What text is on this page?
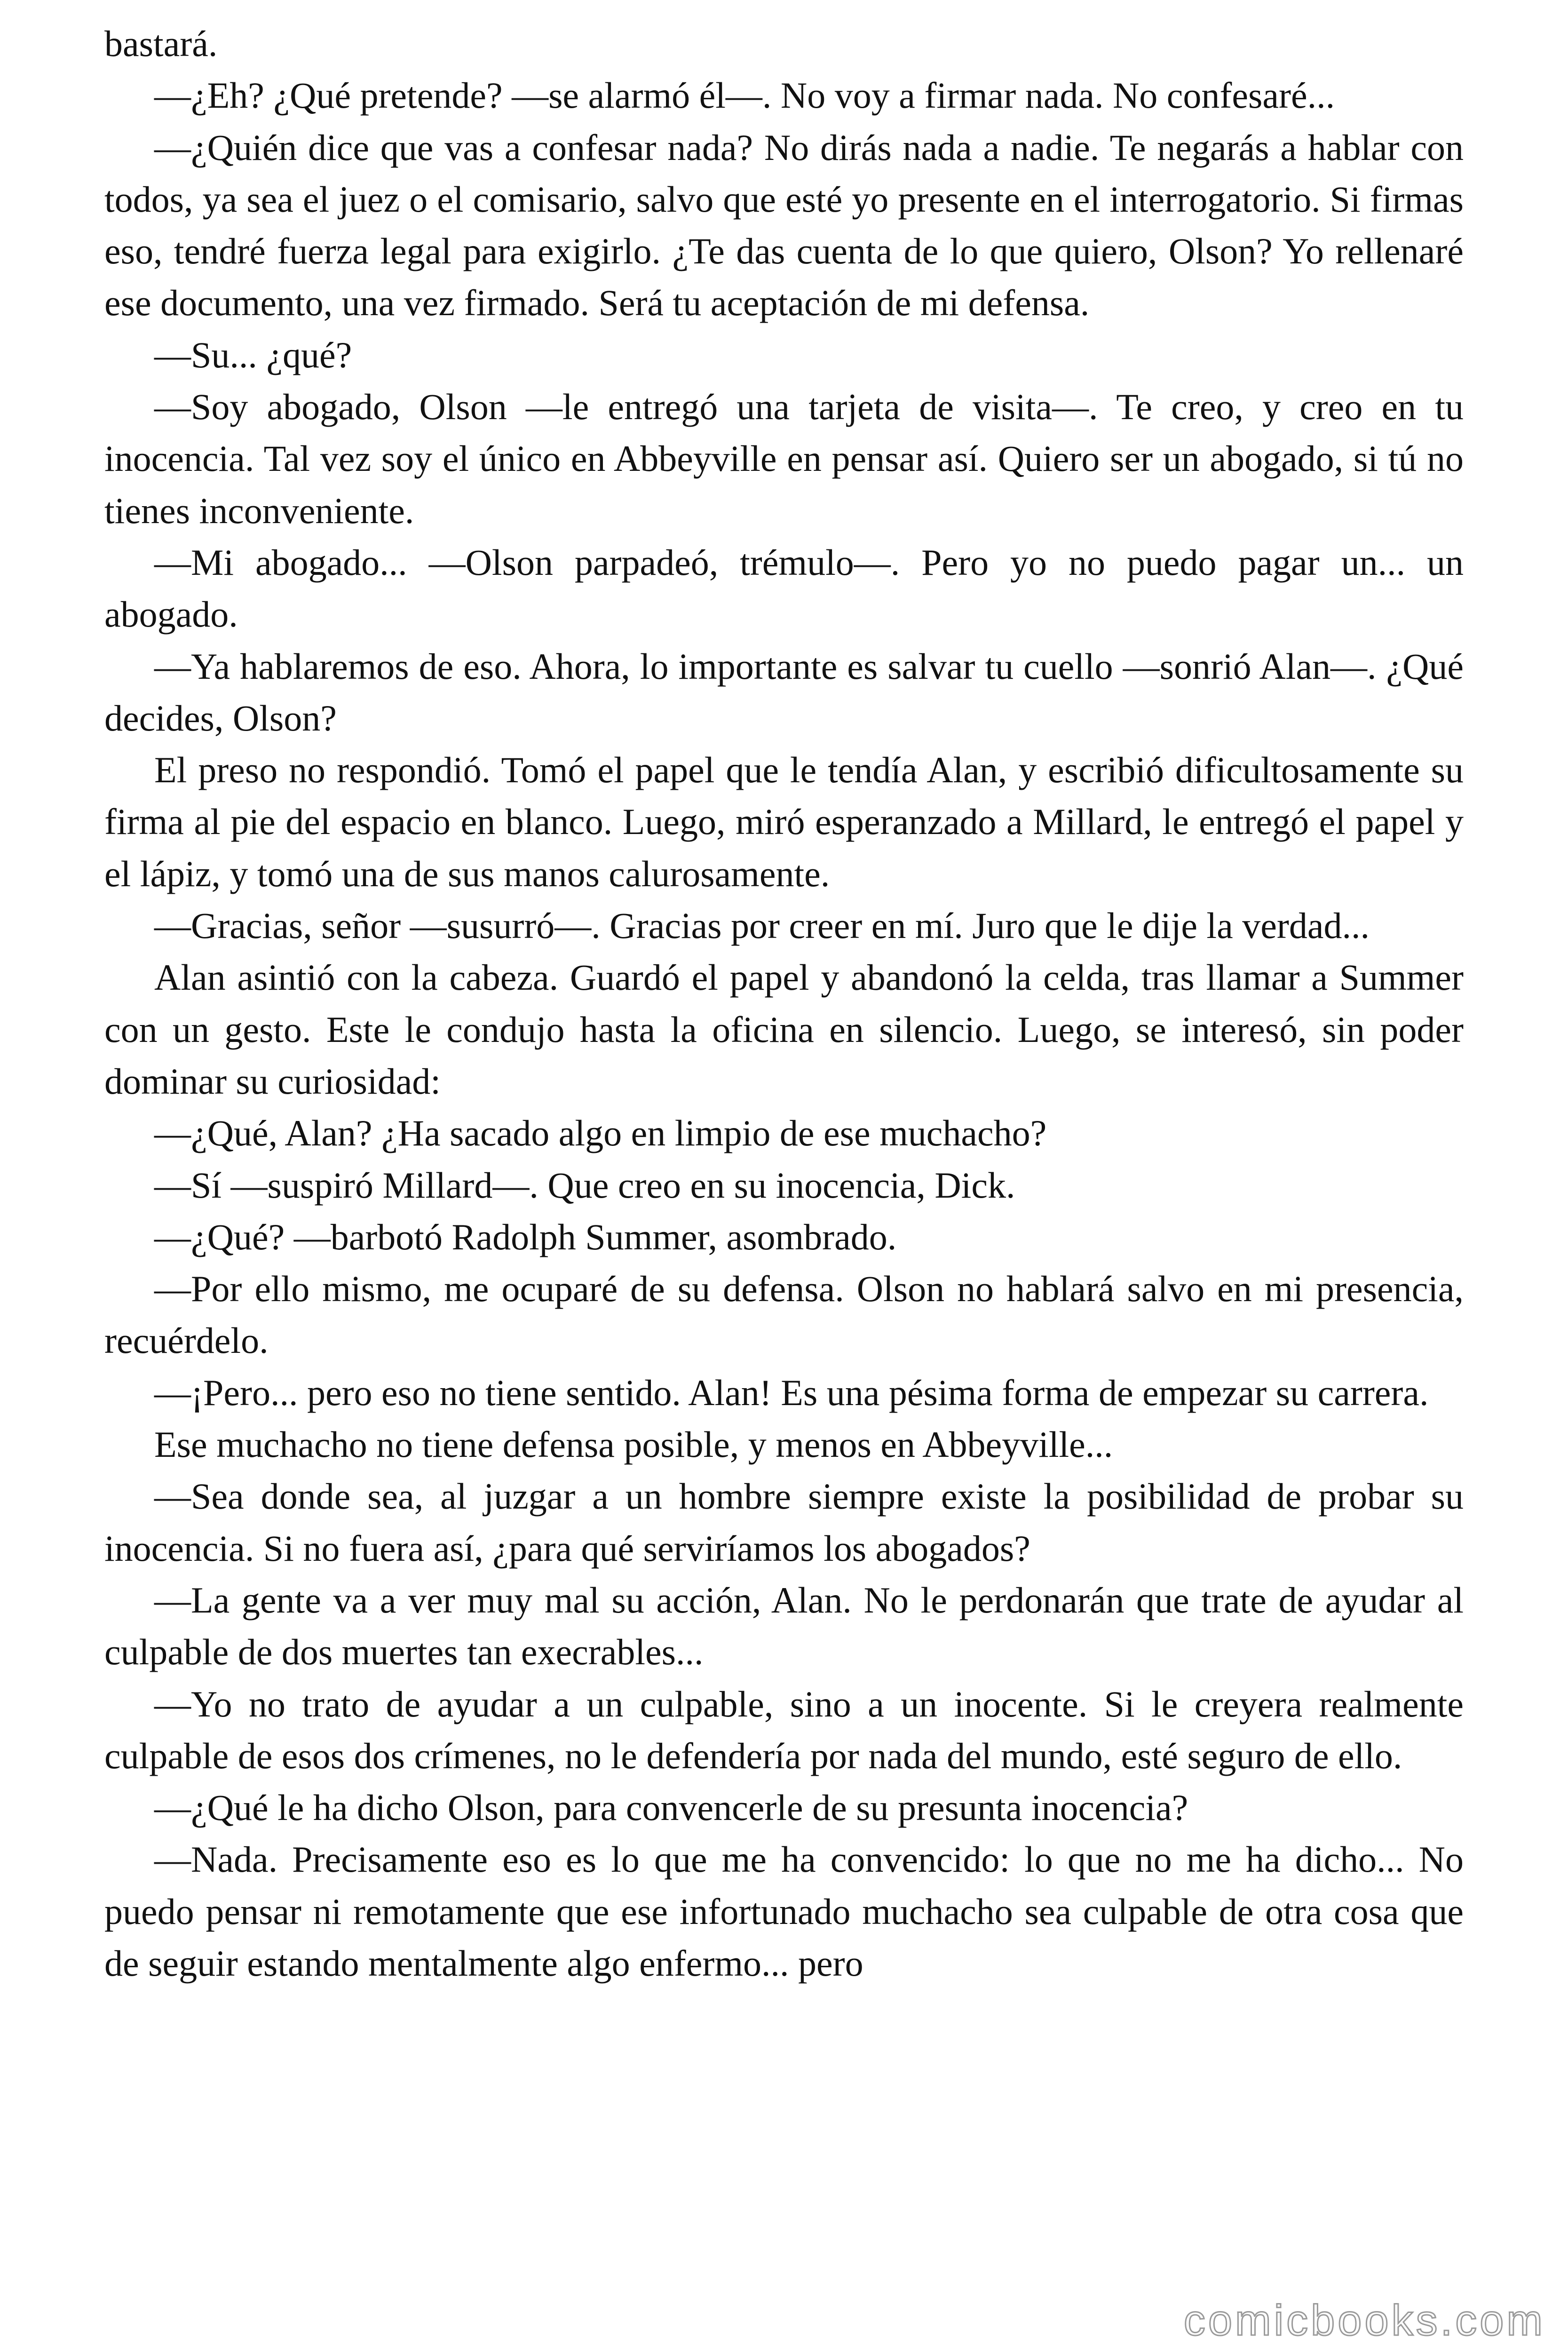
bastará.

—¿Eh? ¿Qué pretende? —se alarmó él—. No voy a firmar nada. No confesaré...

—¿Quién dice que vas a confesar nada? No dirás nada a nadie. Te negarás a hablar con todos, ya sea el juez o el comisario, salvo que esté yo presente en el interrogatorio. Si firmas eso, tendré fuerza legal para exigirlo. ¿Te das cuenta de lo que quiero, Olson? Yo rellenaré ese documento, una vez firmado. Será tu aceptación de mi defensa.

—Su... ¿qué?

—Soy abogado, Olson —le entregó una tarjeta de visita—. Te creo, y creo en tu inocencia. Tal vez soy el único en Abbeyville en pensar así. Quiero ser un abogado, si tú no tienes inconveniente.

—Mi abogado... —Olson parpadeó, trémulo—. Pero yo no puedo pagar un... un abogado.

—Ya hablaremos de eso. Ahora, lo importante es salvar tu cuello —sonrió Alan—. ¿Qué decides, Olson?

El preso no respondió. Tomó el papel que le tendía Alan, y escribió dificultosamente su firma al pie del espacio en blanco. Luego, miró esperanzado a Millard, le entregó el papel y el lápiz, y tomó una de sus manos calurosamente.

—Gracias, señor —susurró—. Gracias por creer en mí. Juro que le dije la verdad...

Alan asintió con la cabeza. Guardó el papel y abandonó la celda, tras llamar a Summer con un gesto. Este le condujo hasta la oficina en silencio. Luego, se interesó, sin poder dominar su curiosidad:

—¿Qué, Alan? ¿Ha sacado algo en limpio de ese muchacho?

—Sí —suspiró Millard—. Que creo en su inocencia, Dick.

—¿Qué? —barbotó Radolph Summer, asombrado.

—Por ello mismo, me ocuparé de su defensa. Olson no hablará salvo en mi presencia, recuérdelo.

—¡Pero... pero eso no tiene sentido. Alan! Es una pésima forma de empezar su carrera.

Ese muchacho no tiene defensa posible, y menos en Abbeyville...

—Sea donde sea, al juzgar a un hombre siempre existe la posibilidad de probar su inocencia. Si no fuera así, ¿para qué serviríamos los abogados?

—La gente va a ver muy mal su acción, Alan. No le perdonarán que trate de ayudar al culpable de dos muertes tan execrables...

—Yo no trato de ayudar a un culpable, sino a un inocente. Si le creyera realmente culpable de esos dos crímenes, no le defendería por nada del mundo, esté seguro de ello.

—¿Qué le ha dicho Olson, para convencerle de su presunta inocencia?

—Nada. Precisamente eso es lo que me ha convencido: lo que no me ha dicho... No puedo pensar ni remotamente que ese infortunado muchacho sea culpable de otra cosa que de seguir estando mentalmente algo enfermo... pero

comicbooks.com
